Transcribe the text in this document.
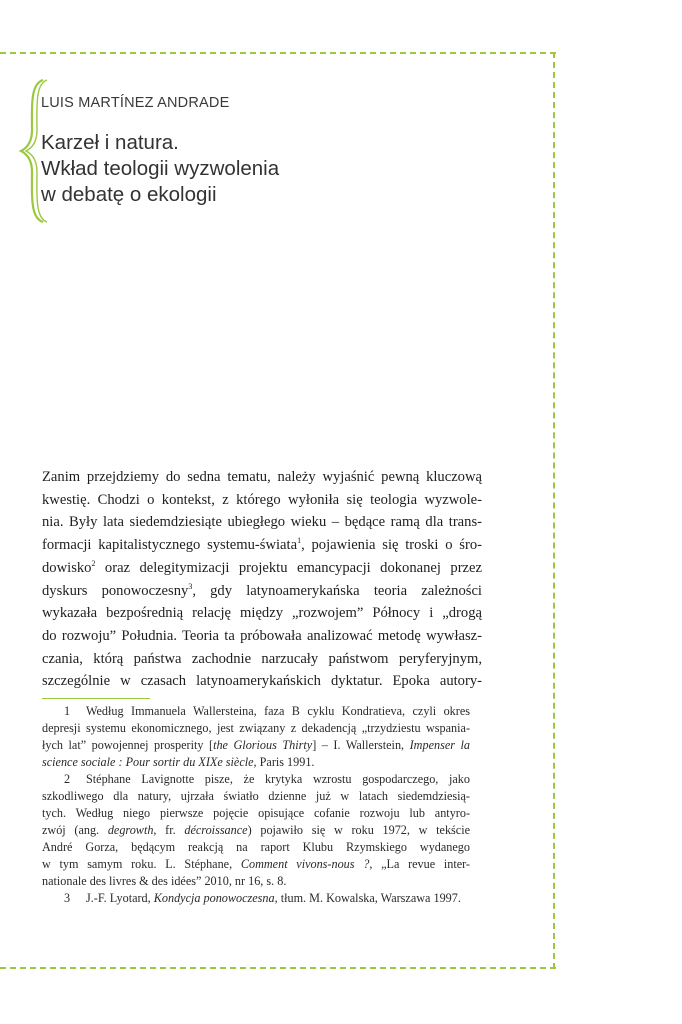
LUIS MARTÍNEZ ANDRADE
Karzeł i natura.
Wkład teologii wyzwolenia
w debatę o ekologii
Zanim przejdziemy do sedna tematu, należy wyjaśnić pewną kluczową
kwestię. Chodzi o kontekst, z którego wyłoniła się teologia wyzwole-
nia. Były lata siedemdziesiąte ubiegłego wieku – będące ramą dla trans-
formacji kapitalistycznego systemu-świata$^1$, pojawienia się troski o śro-
dowisko$^2$ oraz delegitymizacji projektu emancypacji dokonanej przez
dyskurs ponowoczesny$^3$, gdy latynoamerykańska teoria zależności
wykazała bezpośrednią relację między „rozwojem” Północy i „drogą
do rozwoju” Południa. Teoria ta próbowała analizować metodę wywłasz-
czania, którą państwa zachodnie narzucały państwom peryferyjnym,
szczególnie w czasach latynoamerykańskich dyktatur. Epoka autory-
1 Według Immanuela Wallersteina, faza B cyklu Kondratieva, czyli okres
depresji systemu ekonomicznego, jest związany z dekadencją „trzydziestu wspania-
łych lat” powojennej prosperity [the Glorious Thirty] – I. Wallerstein, Impenser la
science sociale : Pour sortir du XIXe siècle, Paris 1991.
2 Stéphane Lavignotte pisze, że krytyka wzrostu gospodarczego, jako
szkodliwego dla natury, ujrzała światło dzienne już w latach siedemdziesią-
tych. Według niego pierwsze pojęcie opisujące cofanie rozwoju lub antyro-
zwój (ang. degrowth, fr. décroissance) pojawiło się w roku 1972, w tekście
André Gorza, będącym reakcją na raport Klubu Rzymskiego wydanego
w tym samym roku. L. Stéphane, Comment vivons-nous ?, „La revue inter-
nationale des livres & des idées” 2010, nr 16, s. 8.
3 J.-F. Lyotard, Kondycja ponowoczesna, tłum. M. Kowalska, Warszawa 1997.
